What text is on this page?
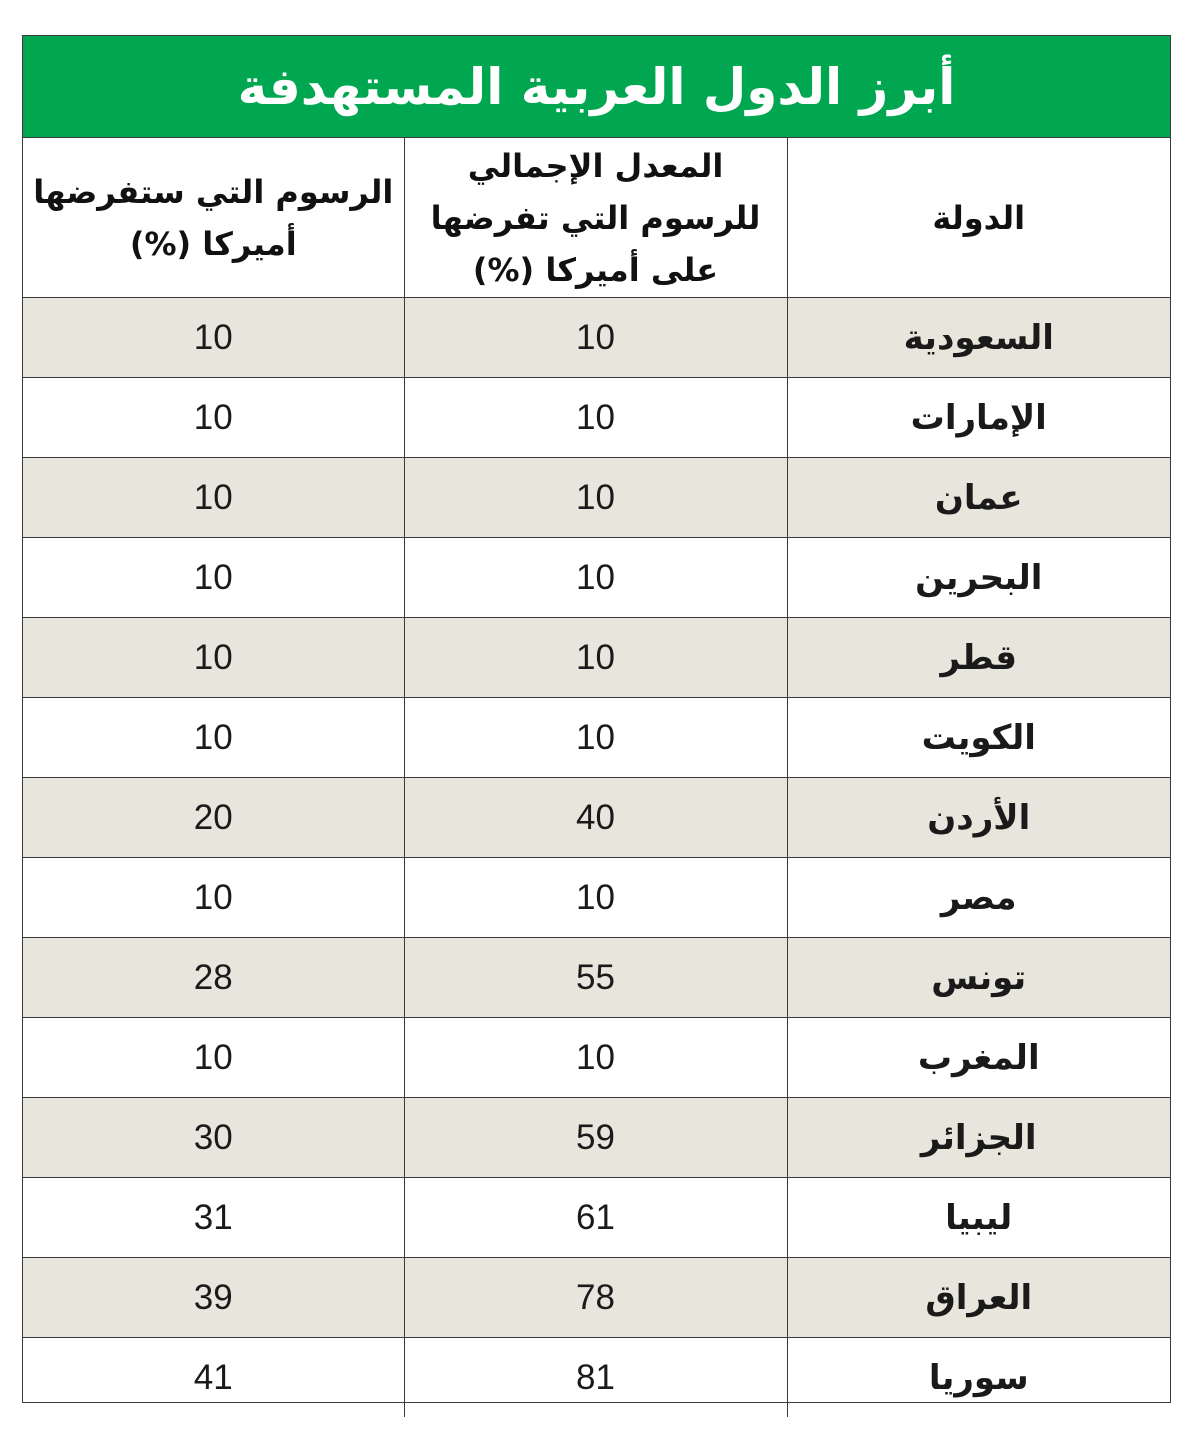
أبرز الدول العربية المستهدفة
الدولة	المعدل الإجمالي للرسوم التي تفرضها على أميركا (%)	الرسوم التي ستفرضها أميركا (%)
السعودية	10	10
الإمارات	10	10
عمان	10	10
البحرين	10	10
قطر	10	10
الكويت	10	10
الأردن	40	20
مصر	10	10
تونس	55	28
المغرب	10	10
الجزائر	59	30
ليبيا	61	31
العراق	78	39
سوريا	81	41
